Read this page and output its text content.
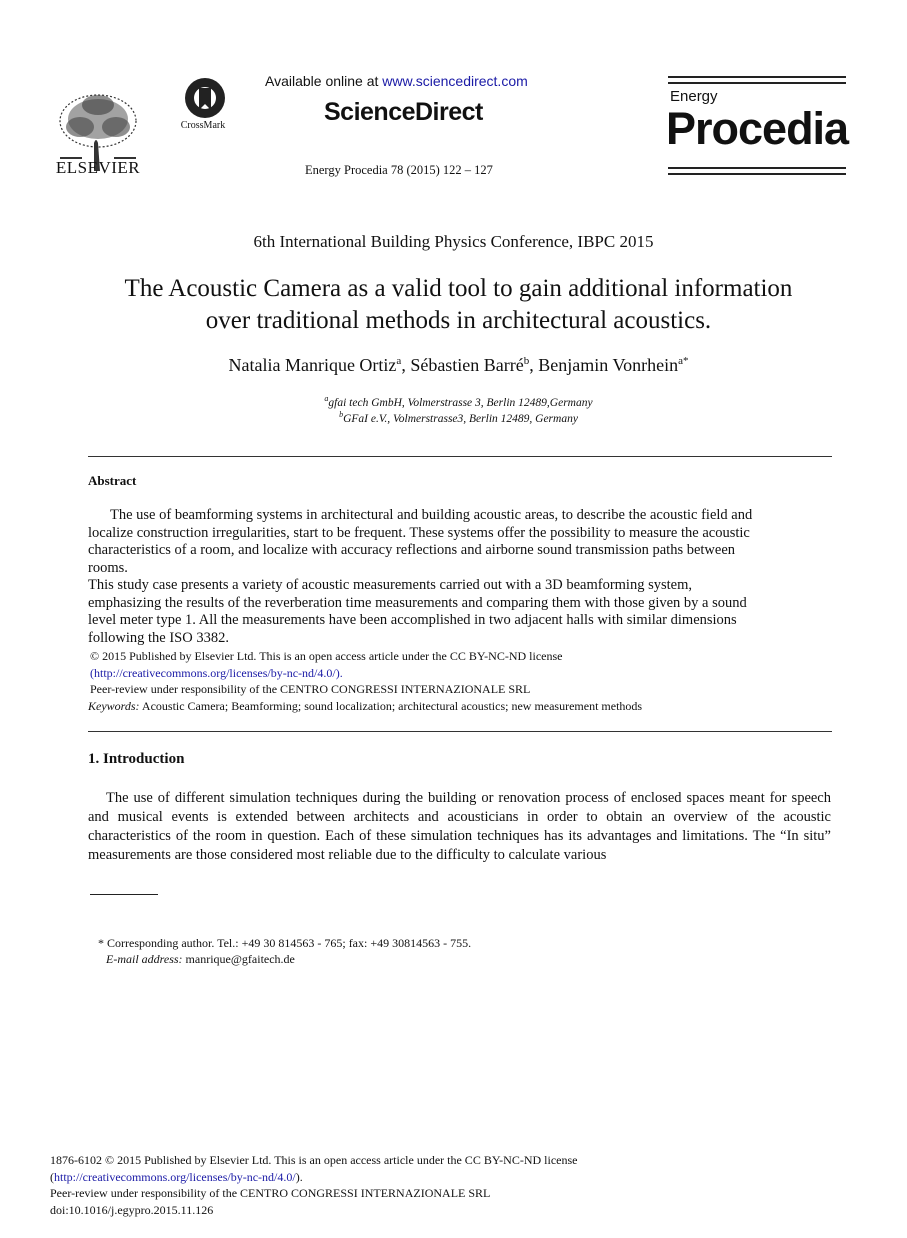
ELSEVIER
CrossMark
Available online at www.sciencedirect.com
ScienceDirect
Energy Procedia 78 (2015) 122 – 127
Energy
Procedia
6th International Building Physics Conference, IBPC 2015
The Acoustic Camera as a valid tool to gain additional information
over traditional methods in architectural acoustics.
Natalia Manrique Ortiz$^a$, Sébastien Barré$^b$, Benjamin Vonrhein$^{a*}$
$^a$gfai tech GmbH, Volmerstrasse 3, Berlin 12489,Germany
$^b$GFaI e.V., Volmerstrasse3, Berlin 12489, Germany
Abstract

The use of beamforming systems in architectural and building acoustic areas, to describe the acoustic field and

localize construction irregularities, start to be frequent. These systems offer the possibility to measure the acoustic

characteristics of a room, and localize with accuracy reflections and airborne sound transmission paths between

rooms.

This study case presents a variety of acoustic measurements carried out with a 3D beamforming system,

emphasizing the results of the reverberation time measurements and comparing them with those given by a sound

level meter type 1. All the measurements have been accomplished in two adjacent halls with similar dimensions

following the ISO 3382.

© 2015 Published by Elsevier Ltd. This is an open access article under the CC BY-NC-ND license

(http://creativecommons.org/licenses/by-nc-nd/4.0/).

Peer-review under responsibility of the CENTRO CONGRESSI INTERNAZIONALE SRL

Keywords: Acoustic Camera; Beamforming; sound localization; architectural acoustics; new measurement methods

1. Introduction

The use of different simulation techniques during the building or renovation process of enclosed spaces meant for speech and musical events is extended between architects and acousticians in order to obtain an overview of the acoustic characteristics of the room in question. Each of these simulation techniques has its advantages and limitations. The “In situ” measurements are those considered most reliable due to the difficulty to calculate various

* Corresponding author. Tel.: +49 30 814563 - 765; fax: +49 30814563 - 755.
E-mail address: manrique@gfaitech.de
1876-6102 © 2015 Published by Elsevier Ltd. This is an open access article under the CC BY-NC-ND license
(http://creativecommons.org/licenses/by-nc-nd/4.0/).
Peer-review under responsibility of the CENTRO CONGRESSI INTERNAZIONALE SRL
doi:10.1016/j.egypro.2015.11.126
